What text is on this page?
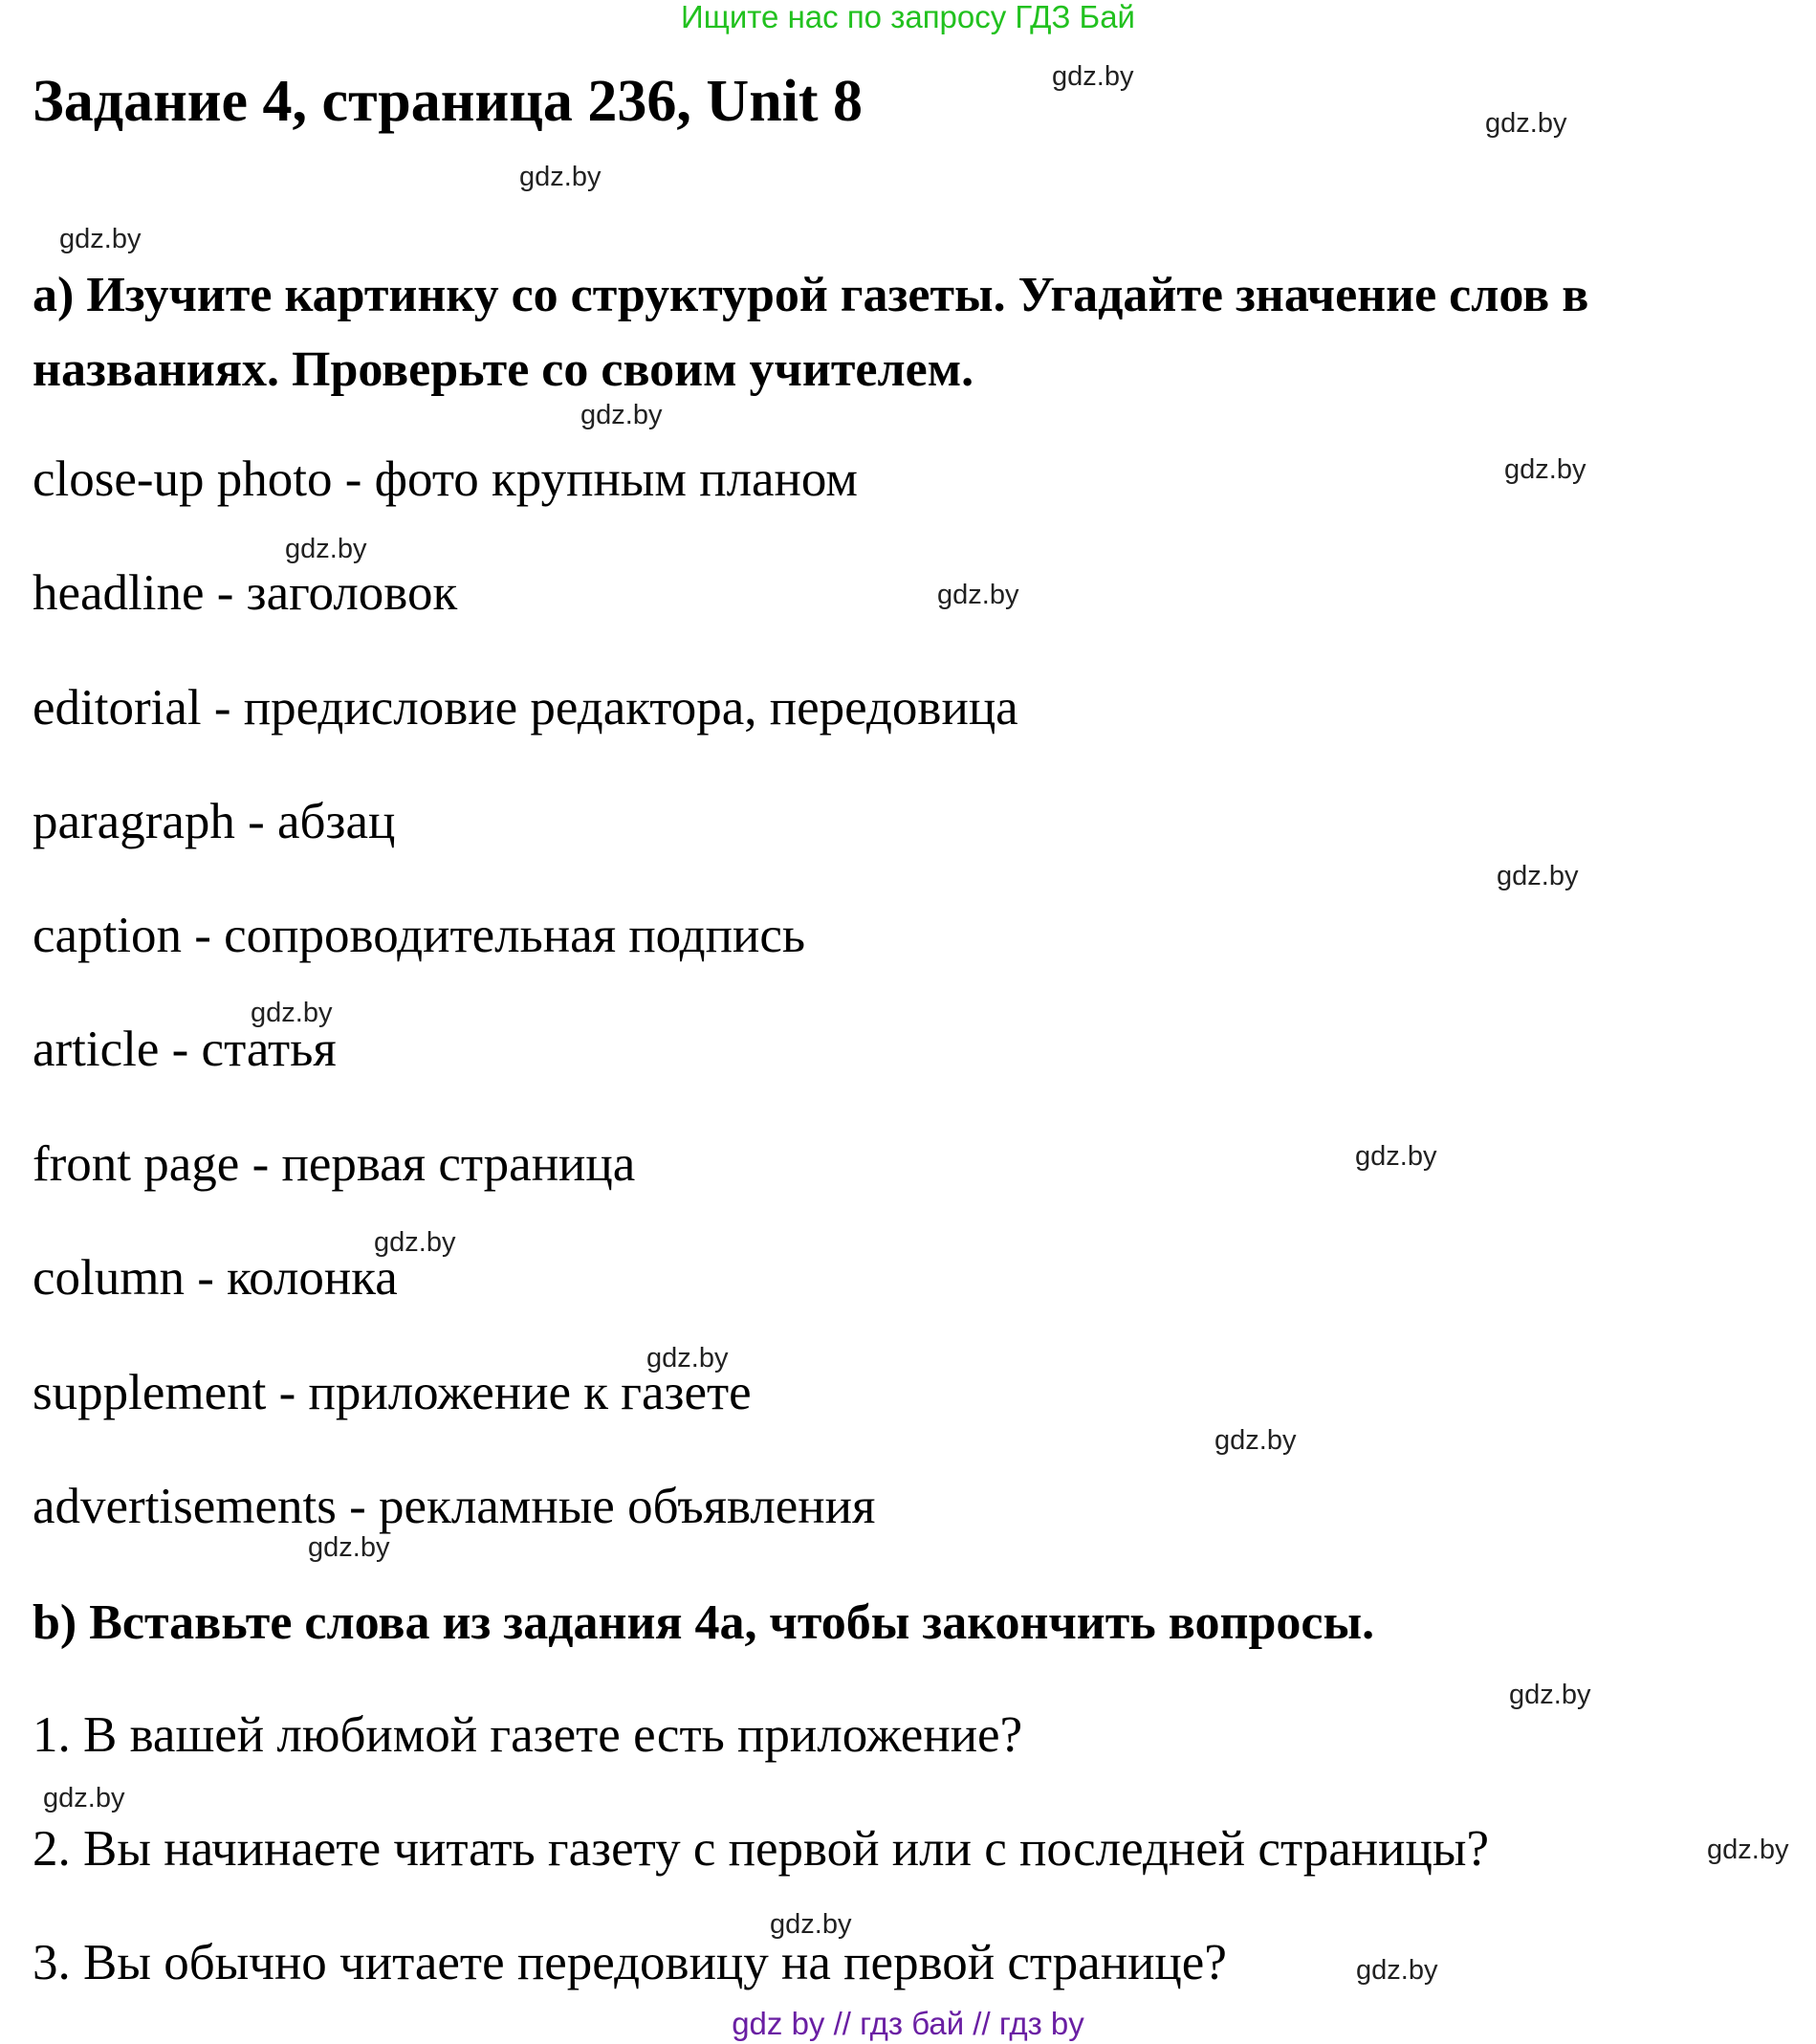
Ищите нас по запросу ГДЗ Бай
Задание 4, страница 236, Unit 8
a) Изучите картинку со структурой газеты. Угадайте значение слов в
названиях. Проверьте со своим учителем.
close-up photo - фото крупным планом
headline - заголовок
editorial - предисловие редактора, передовица
paragraph - абзац
caption - сопроводительная подпись
article - статья
front page - первая страница
column - колонка
supplement - приложение к газете
advertisements - рекламные объявления
b) Вставьте слова из задания 4а, чтобы закончить вопросы.
1. В вашей любимой газете есть приложение?
2. Вы начинаете читать газету с первой или с последней страницы?
3. Вы обычно читаете передовицу на первой странице?
gdz.by
gdz.by
gdz.by
gdz.by
gdz.by
gdz.by
gdz.by
gdz.by
gdz.by
gdz.by
gdz.by
gdz.by
gdz.by
gdz.by
gdz.by
gdz.by
gdz.by
gdz.by
gdz.by
gdz.by
gdz by // гдз бай // гдз by
